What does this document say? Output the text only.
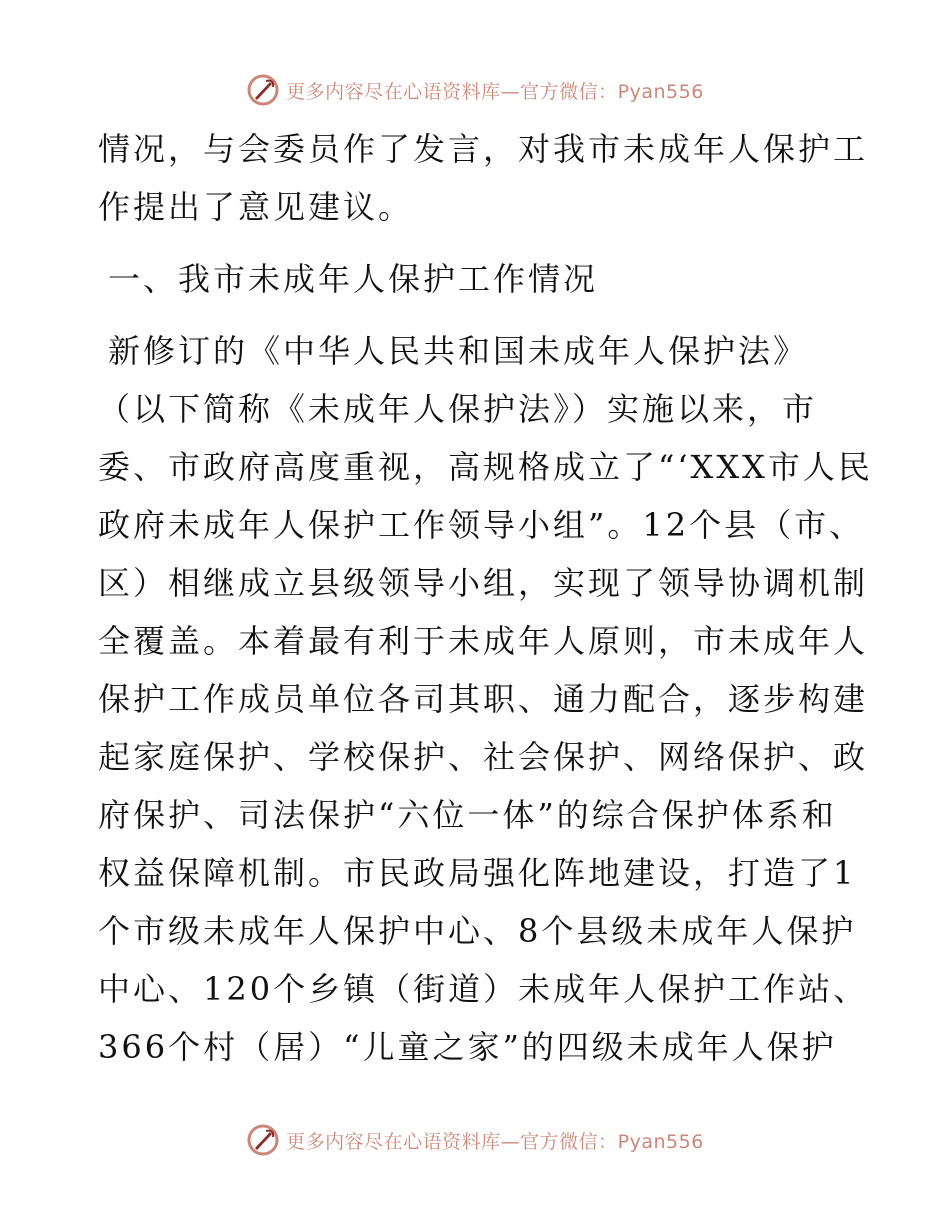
更多内容尽在心语资料库—官方微信：Pyan556
情况，与会委员作了发言，对我市未成年人保护工
作提出了意见建议。
一、我市未成年人保护工作情况
新修订的《中华人民共和国未成年人保护法》
（以下简称《未成年人保护法》）实施以来，市
委、市政府高度重视，高规格成立了“‘XXX市人民
政府未成年人保护工作领导小组”。12个县（市、
区）相继成立县级领导小组，实现了领导协调机制
全覆盖。本着最有利于未成年人原则，市未成年人
保护工作成员单位各司其职、通力配合，逐步构建
起家庭保护、学校保护、社会保护、网络保护、政
府保护、司法保护“六位一体”的综合保护体系和
权益保障机制。市民政局强化阵地建设，打造了1
个市级未成年人保护中心、8个县级未成年人保护
中心、120个乡镇（街道）未成年人保护工作站、
366个村（居）“儿童之家”的四级未成年人保护
更多内容尽在心语资料库—官方微信：Pyan556
